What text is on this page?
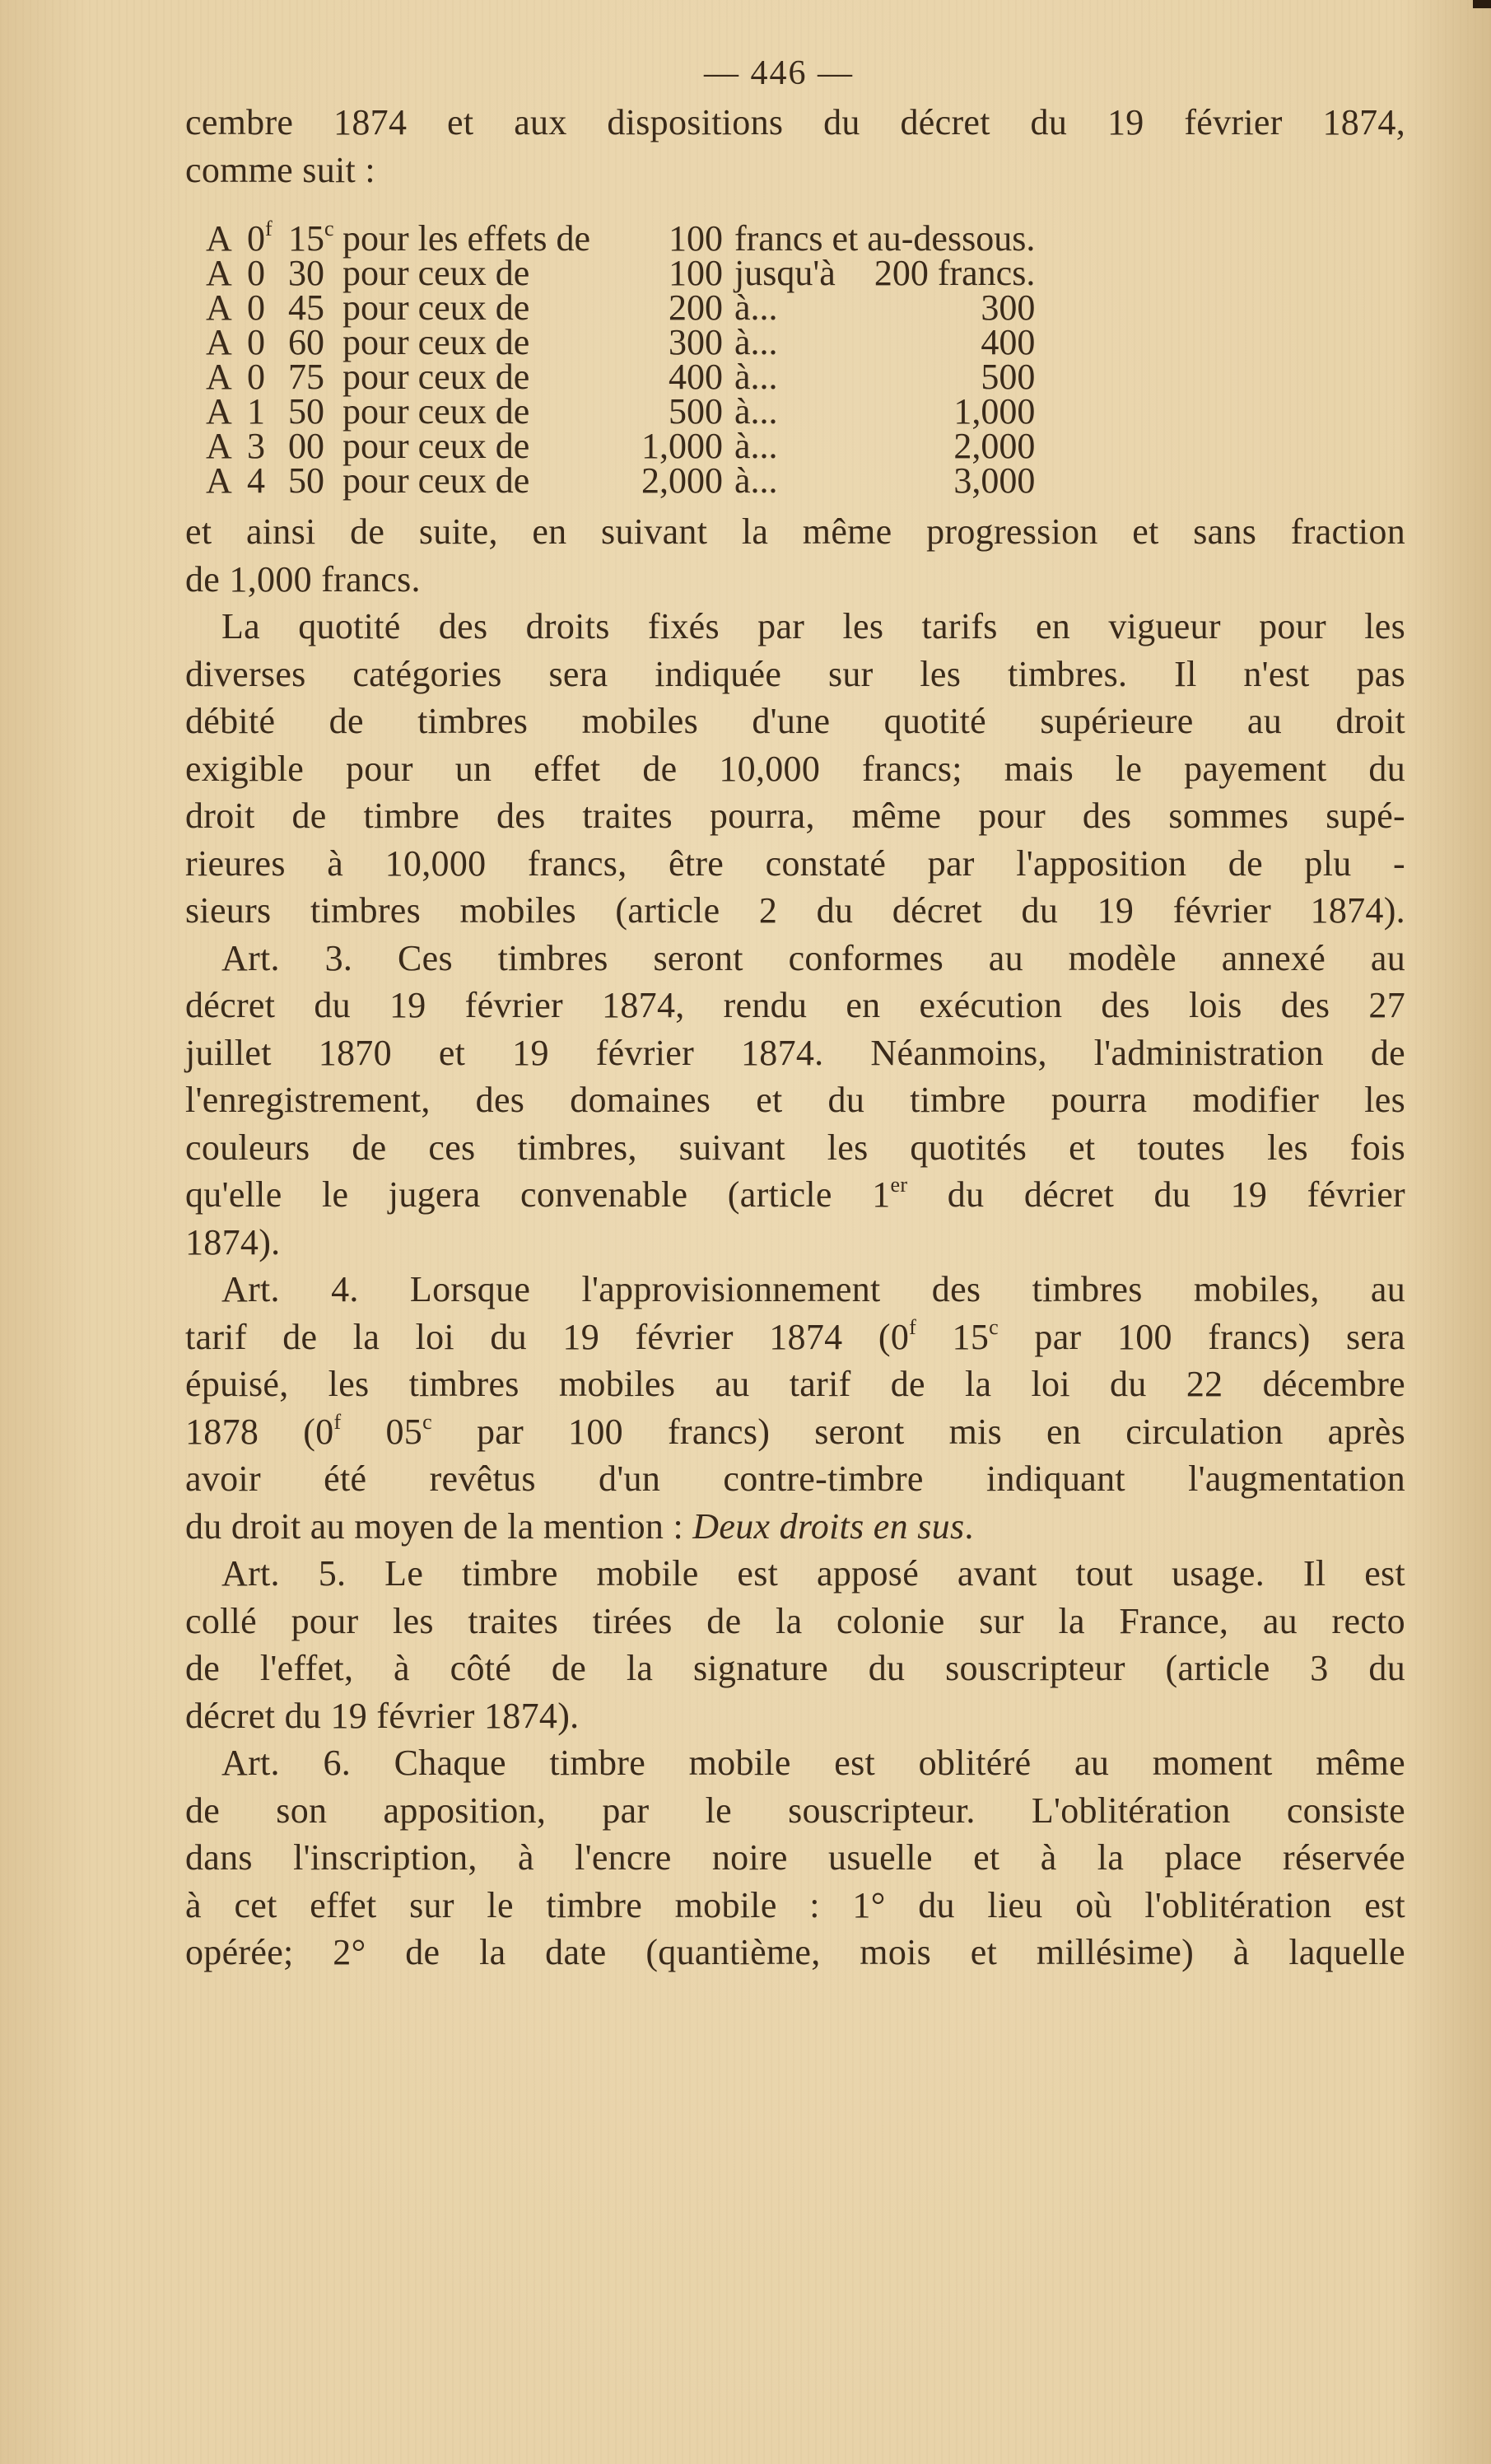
— 446 —
cembre 1874 et aux dispositions du décret du 19 février 1874,
comme suit :
A	0$^f$	15$^c$	pour les effets de	100	francs et au-dessous.	
A	0	30	pour ceux de	100	jusqu'à	200 francs.
A	0	45	pour ceux de	200	à...	300
A	0	60	pour ceux de	300	à...	400
A	0	75	pour ceux de	400	à...	500
A	1	50	pour ceux de	500	à...	1,000
A	3	00	pour ceux de	1,000	à...	2,000
A	4	50	pour ceux de	2,000	à...	3,000
et ainsi de suite, en suivant la même progression et sans fraction
de 1,000 francs.
La quotité des droits fixés par les tarifs en vigueur pour les
diverses catégories sera indiquée sur les timbres. Il n'est pas
débité de timbres mobiles d'une quotité supérieure au droit
exigible pour un effet de 10,000 francs; mais le payement du
droit de timbre des traites pourra, même pour des sommes supé-
rieures à 10,000 francs, être constaté par l'apposition de plu -
sieurs timbres mobiles (article 2 du décret du 19 février 1874).
Art. 3. Ces timbres seront conformes au modèle annexé au
décret du 19 février 1874, rendu en exécution des lois des 27
juillet 1870 et 19 février 1874. Néanmoins, l'administration de
l'enregistrement, des domaines et du timbre pourra modifier les
couleurs de ces timbres, suivant les quotités et toutes les fois
qu'elle le jugera convenable (article 1er du décret du 19 février
1874).
Art. 4. Lorsque l'approvisionnement des timbres mobiles, au
tarif de la loi du 19 février 1874 (0$^f$ 15$^c$ par 100 francs) sera
épuisé, les timbres mobiles au tarif de la loi du 22 décembre
1878 (0$^f$ 05$^c$ par 100 francs) seront mis en circulation après
avoir été revêtus d'un contre-timbre indiquant l'augmentation
du droit au moyen de la mention : Deux droits en sus.
Art. 5. Le timbre mobile est apposé avant tout usage. Il est
collé pour les traites tirées de la colonie sur la France, au recto
de l'effet, à côté de la signature du souscripteur (article 3 du
décret du 19 février 1874).
Art. 6. Chaque timbre mobile est oblitéré au moment même
de son apposition, par le souscripteur. L'oblitération consiste
dans l'inscription, à l'encre noire usuelle et à la place réservée
à cet effet sur le timbre mobile : 1° du lieu où l'oblitération est
opérée; 2° de la date (quantième, mois et millésime) à laquelle
